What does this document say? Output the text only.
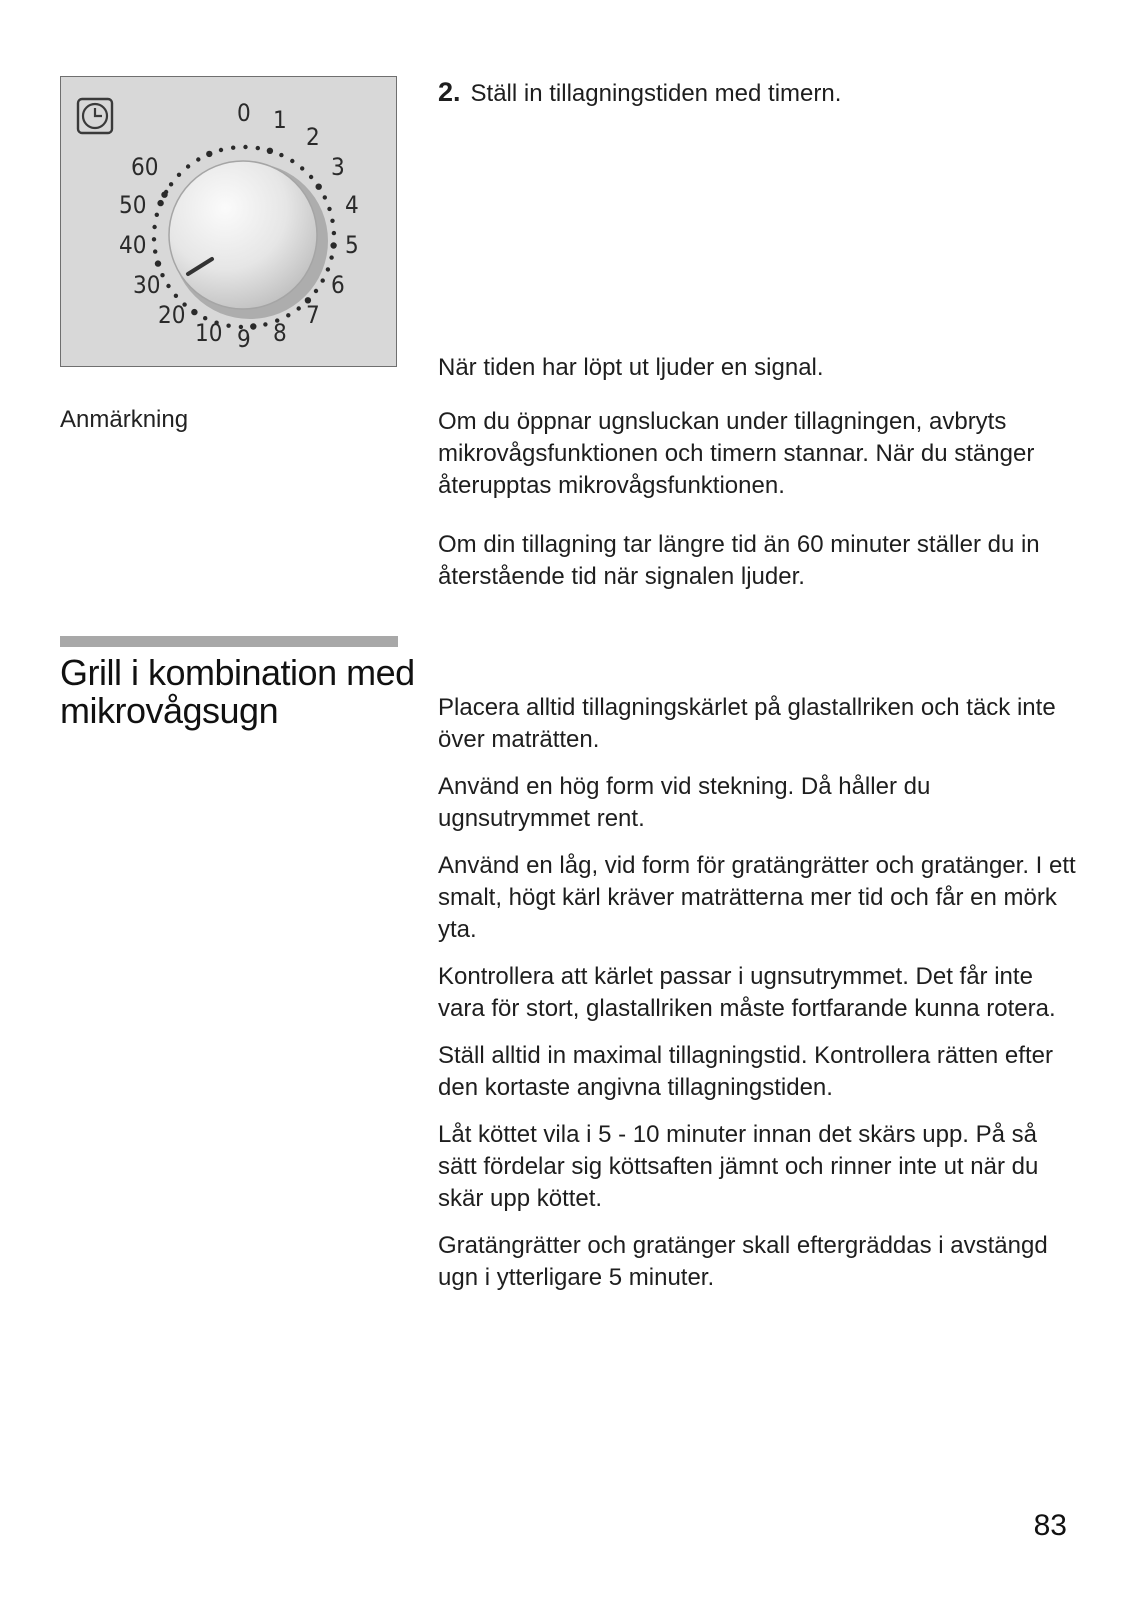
0 1
2
3
4
5
6
7
8
9
10
20
30
40
50
60

2. Ställ in tillagningstiden med timern.

När tiden har löpt ut ljuder en signal.

Anmärkning	Om du öppnar ugnsluckan under tillagningen, avbryts mikrovågsfunktionen och timern stannar. När du stänger återupptas mikrovågsfunktionen.

Om din tillagning tar längre tid än 60 minuter ställer du in återstående tid när signalen ljuder.

Grill i kombination med mikrovågsugn	Placera alltid tillagningskärlet på glastallriken och täck inte över maträtten.

Använd en hög form vid stekning. Då håller du ugnsutrymmet rent.

Använd en låg, vid form för gratängrätter och gratänger. I ett smalt, högt kärl kräver maträtterna mer tid och får en mörk yta.

Kontrollera att kärlet passar i ugnsutrymmet. Det får inte vara för stort, glastallriken måste fortfarande kunna rotera.

Ställ alltid in maximal tillagningstid. Kontrollera rätten efter den kortaste angivna tillagningstiden.

Låt köttet vila i 5 - 10 minuter innan det skärs upp. På så sätt fördelar sig köttsaften jämnt och rinner inte ut när du skär upp köttet.

Gratängrätter och gratänger skall eftergräddas i avstängd ugn i ytterligare 5 minuter.

83
